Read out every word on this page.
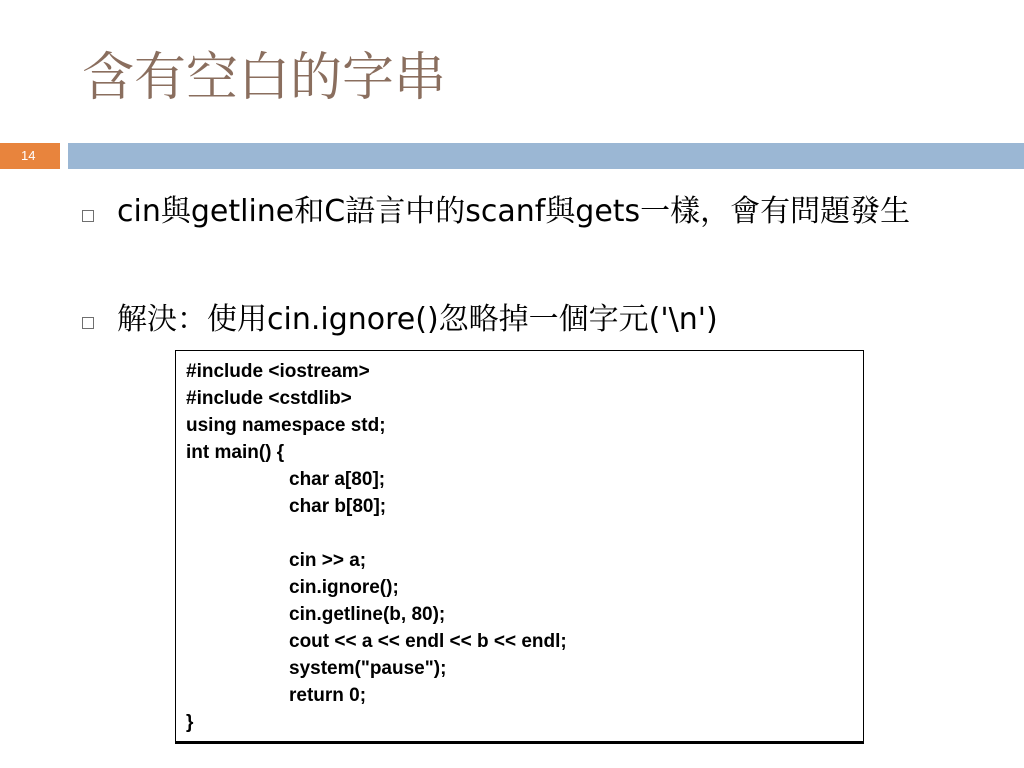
含有空白的字串
14
cin與getline和C語言中的scanf與gets一樣，會有問題發生
解決：使用cin.ignore()忽略掉一個字元('\n')
#include <iostream>
#include <cstdlib>
using namespace std;
int main() {
char a[80];
char b[80];
cin >> a;
cin.ignore();
cin.getline(b, 80);
cout << a << endl << b << endl;
system("pause");
return 0;
}
